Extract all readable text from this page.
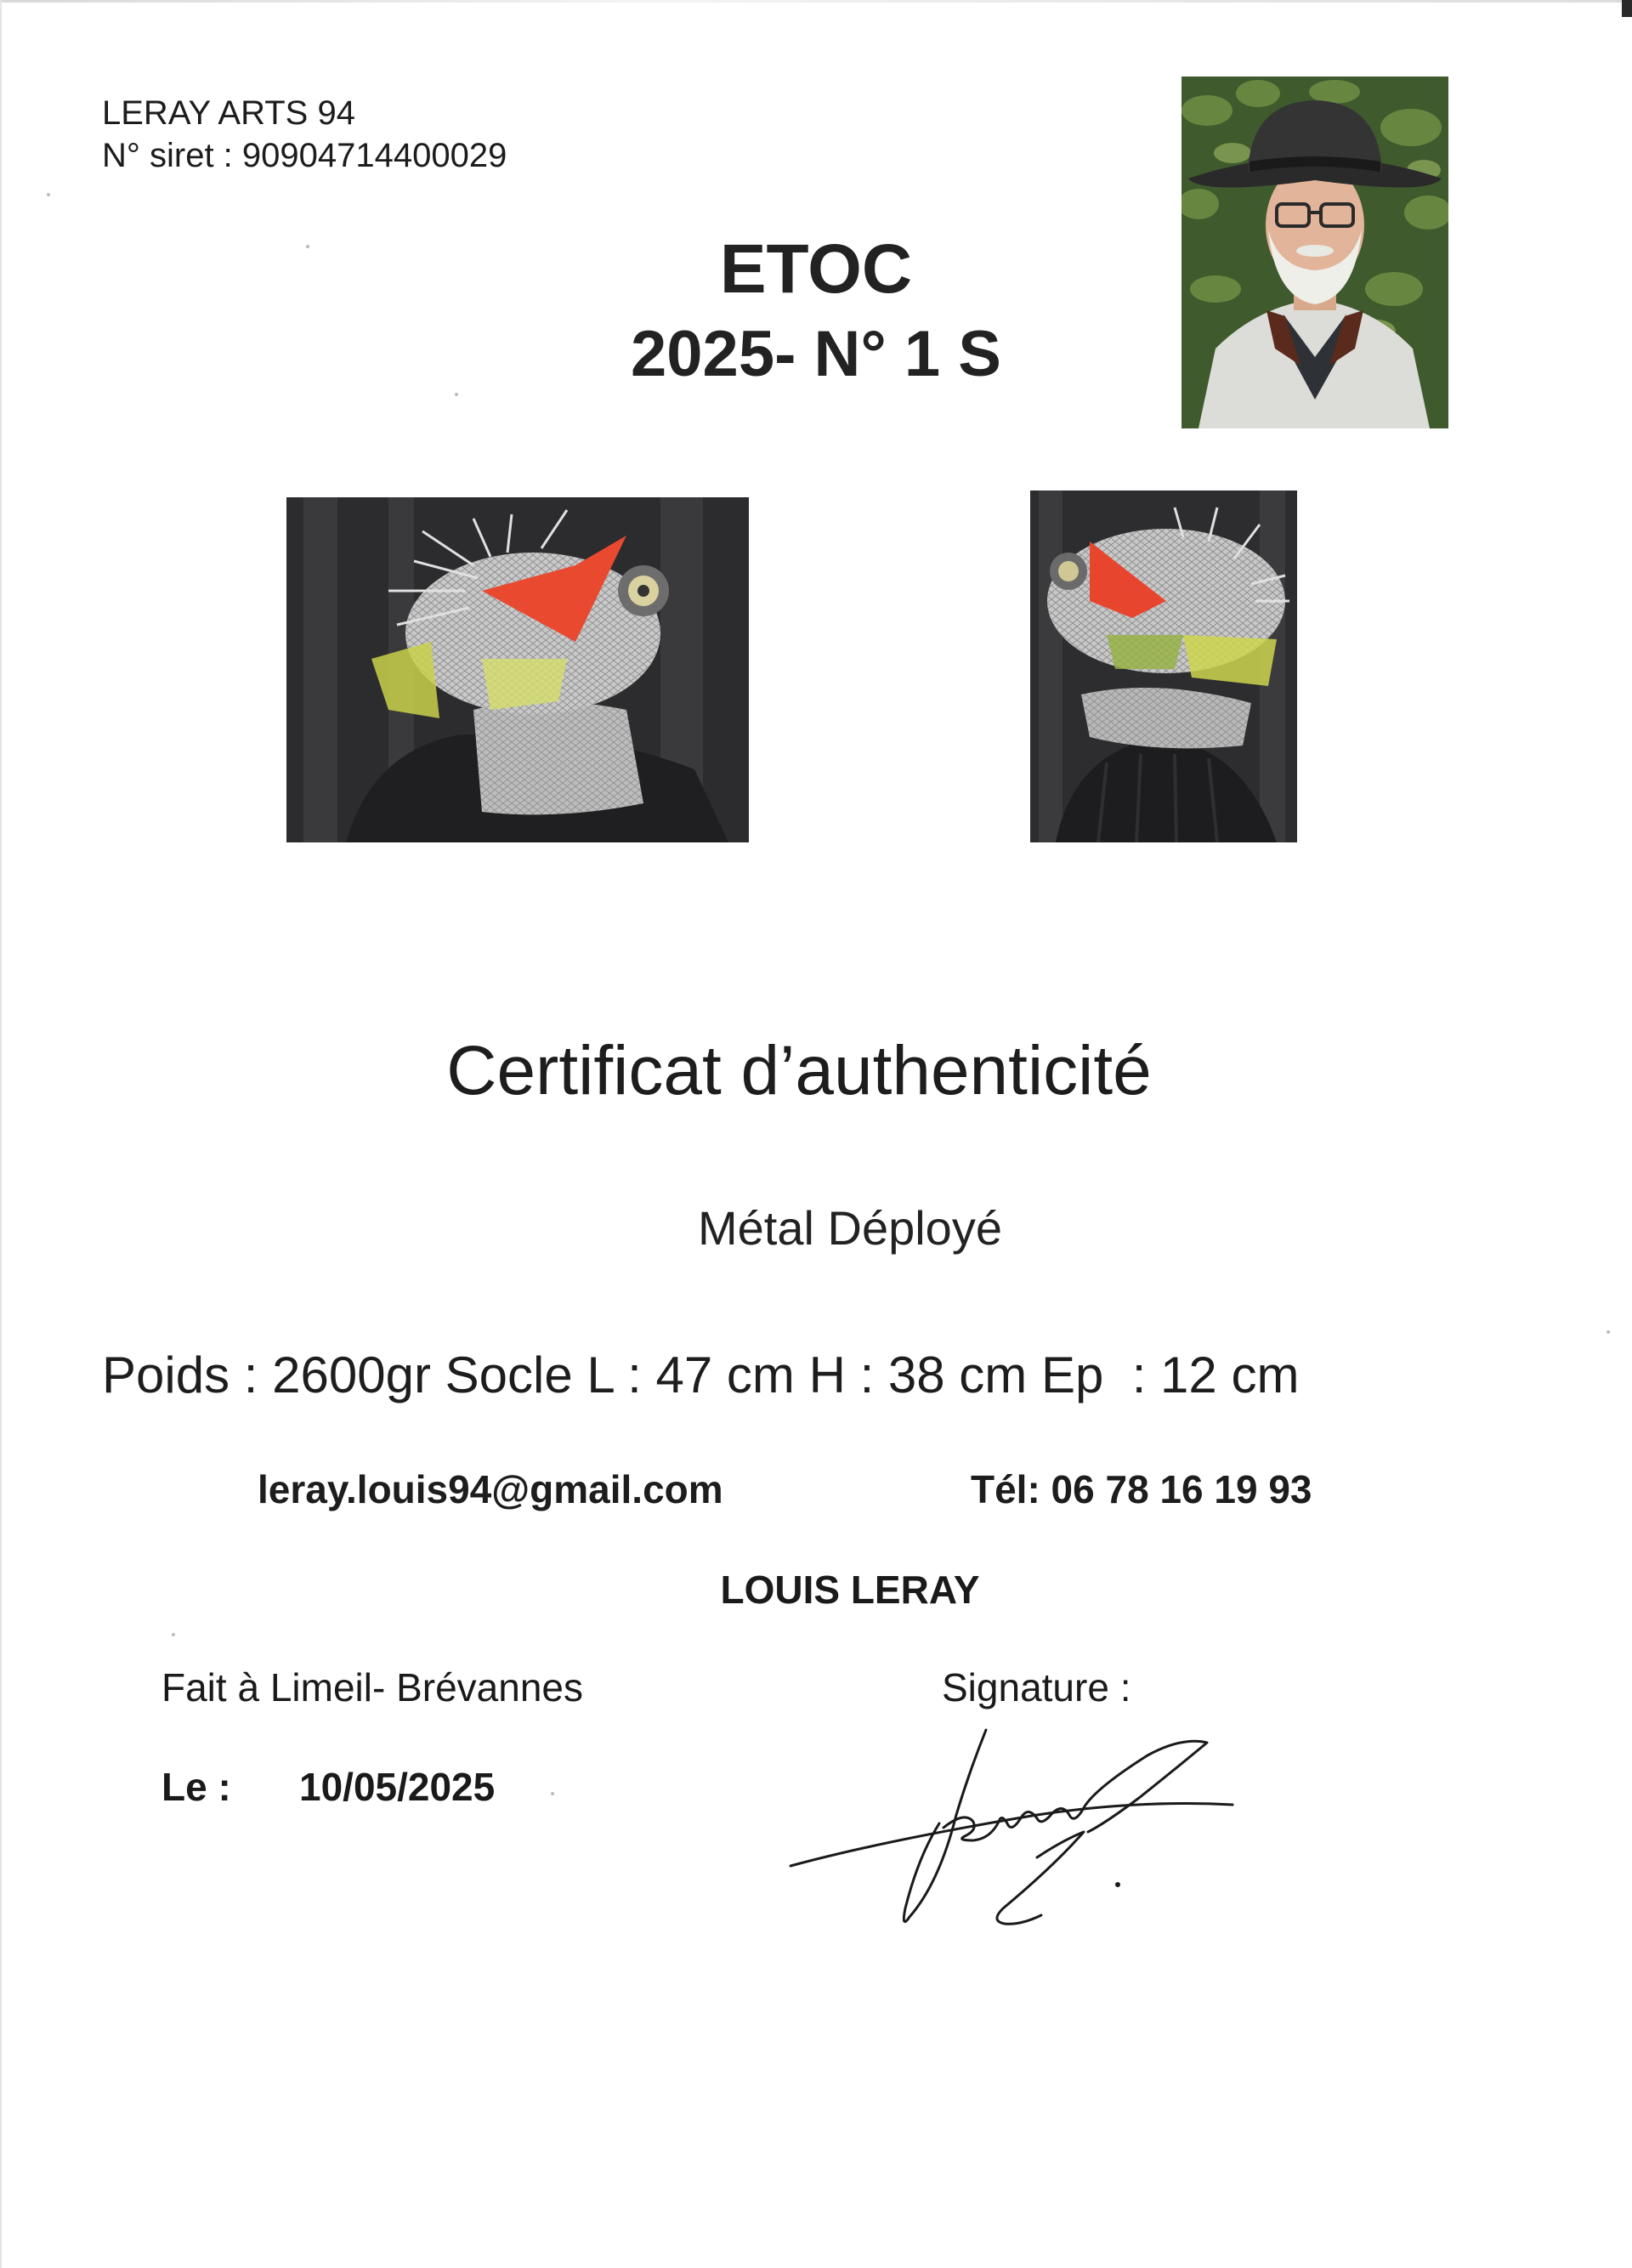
LERAY ARTS 94
N° siret : 90904714400029
ETOC
2025- N° 1 S
Certificat d’authenticité
Métal Déployé
Poids : 2600gr Socle L : 47 cm H : 38 cm Ep  : 12 cm
leray.louis94@gmail.com	Tél: 06 78 16 19 93
LOUIS LERAY
Fait à Limeil- Brévannes	Signature :
Le : 10/05/2025
